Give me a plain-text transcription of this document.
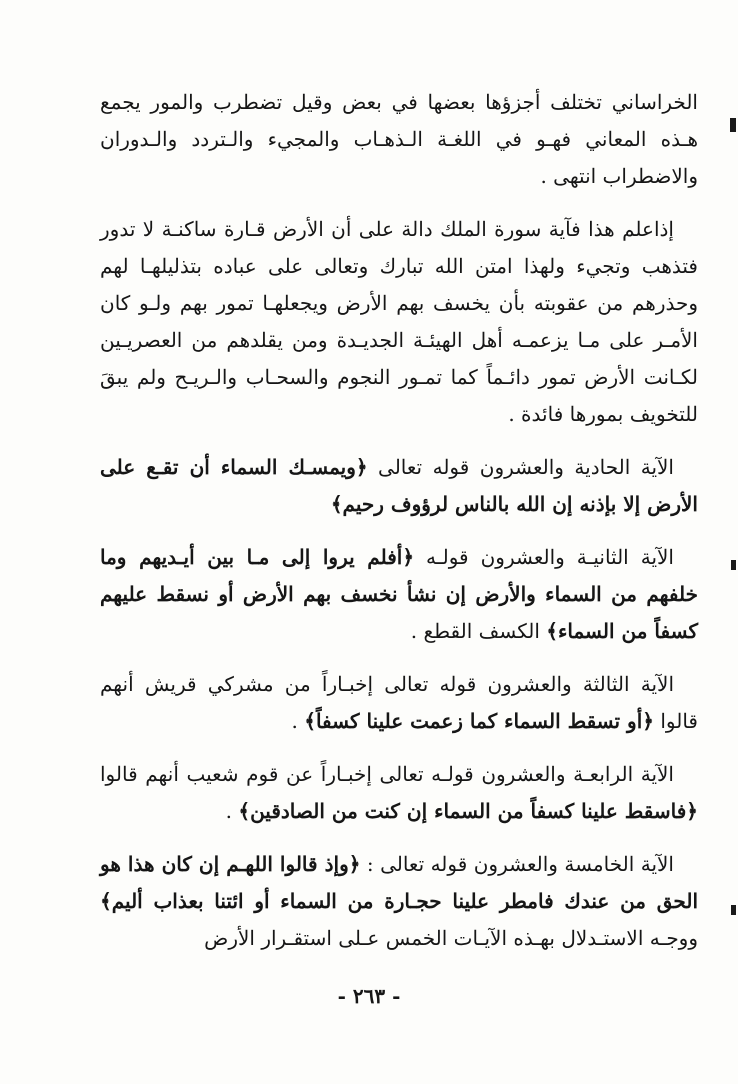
الخراساني تختلف أجزؤها بعضها في بعض وقيل تضطرب والمور يجمع هـذه المعاني فهـو في اللغـة الـذهـاب والمجيء والـتردد والـدوران والاضطراب انتهى .

إذاعلم هذا فآية سورة الملك دالة على أن الأرض قـارة ساكنـة لا تدور فتذهب وتجيء ولهذا امتن الله تبارك وتعالى على عباده بتذليلهـا لهم وحذرهم من عقوبته بأن يخسف بهم الأرض ويجعلهـا تمور بهم ولـو كان الأمـر على مـا يزعمـه أهل الهيئـة الجديـدة ومن يقلدهم من العصريـين لكـانت الأرض تمور دائـماً كما تمـور النجوم والسحـاب والـريـح ولم يبقَ للتخويف بمورها فائدة .

الآية الحادية والعشرون قوله تعالى ﴿ويمسـك السماء أن تقـع على الأرض إلا بإذنه إن الله بالناس لرؤوف رحيم﴾

الآية الثانيـة والعشرون قولـه ﴿أفلم يروا إلى مـا بين أيـديهم وما خلفهم من السماء والأرض إن نشأ نخسف بهم الأرض أو نسقط عليهم كسفاً من السماء﴾ الكسف القطع .

الآية الثالثة والعشرون قوله تعالى إخبـاراً من مشركي قريش أنهم قالوا ﴿أو تسقط السماء كما زعمت علينا كسفاً﴾ .

الآية الرابعـة والعشرون قولـه تعالى إخبـاراً عن قوم شعيب أنهم قالوا ﴿فاسقط علينا كسفاً من السماء إن كنت من الصادقين﴾ .

الآية الخامسة والعشرون قوله تعالى : ﴿وإذ قالوا اللهـم إن كان هذا هو الحق من عندك فامطر علينا حجـارة من السماء أو ائتنا بعذاب أليم﴾ ووجـه الاستـدلال بهـذه الآيـات الخمس عـلى استقـرار الأرض

- ٢٦٣ -
